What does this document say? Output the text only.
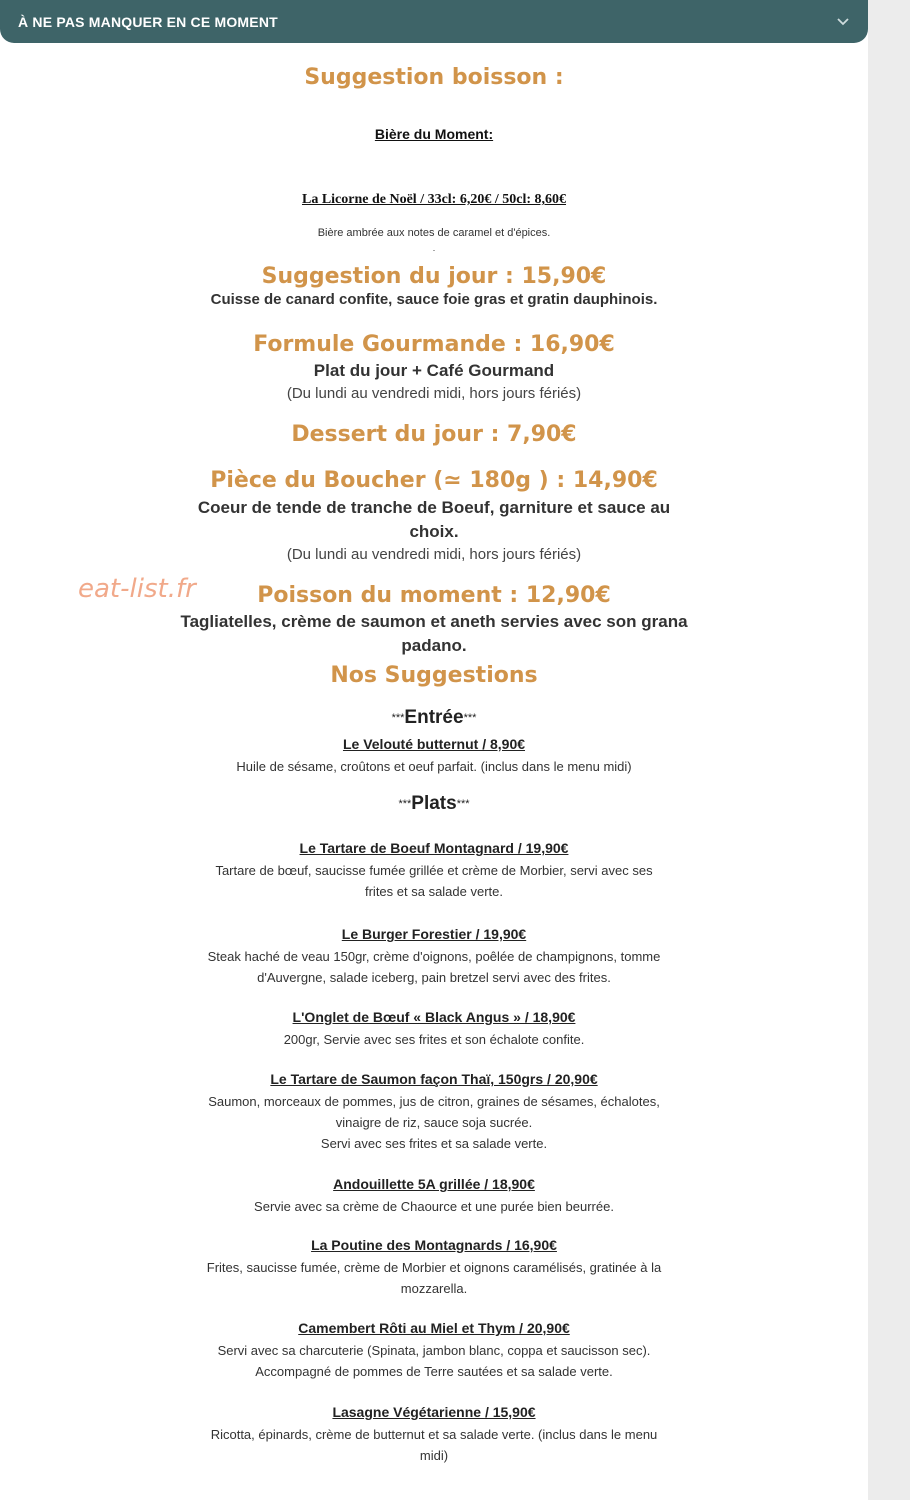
À NE PAS MANQUER EN CE MOMENT
Suggestion boisson :

Bière du Moment:

La Licorne de Noël / 33cl: 6,20€ / 50cl: 8,60€

Bière ambrée aux notes de caramel et d'épices.

.

Suggestion du jour : 15,90€

Cuisse de canard confite, sauce foie gras et gratin dauphinois.

Formule Gourmande : 16,90€

Plat du jour + Café Gourmand

(Du lundi au vendredi midi, hors jours fériés)

Dessert du jour : 7,90€
Pièce du Boucher (≃ 180g ) : 14,90€

Coeur de tende de tranche de Boeuf, garniture et sauce au choix.

(Du lundi au vendredi midi, hors jours fériés)

Poisson du moment : 12,90€

Tagliatelles, crème de saumon et aneth servies avec son grana padano.

Nos Suggestions

***Entrée***

Le Velouté butternut / 8,90€

Huile de sésame, croûtons et oeuf parfait. (inclus dans le menu midi)

***Plats***

Le Tartare de Boeuf Montagnard / 19,90€

Tartare de bœuf, saucisse fumée grillée et crème de Morbier, servi avec ses

frites et sa salade verte.

Le Burger Forestier / 19,90€

Steak haché de veau 150gr, crème d'oignons, poêlée de champignons, tomme

d'Auvergne, salade iceberg, pain bretzel servi avec des frites.

L'Onglet de Bœuf « Black Angus » / 18,90€

200gr, Servie avec ses frites et son échalote confite.

Le Tartare de Saumon façon Thaï, 150grs / 20,90€

Saumon, morceaux de pommes, jus de citron, graines de sésames, échalotes,

vinaigre de riz, sauce soja sucrée.

Servi avec ses frites et sa salade verte.

Andouillette 5A grillée / 18,90€

Servie avec sa crème de Chaource et une purée bien beurrée.

La Poutine des Montagnards / 16,90€

Frites, saucisse fumée, crème de Morbier et oignons caramélisés, gratinée à la

mozzarella.

Camembert Rôti au Miel et Thym / 20,90€

Servi avec sa charcuterie (Spinata, jambon blanc, coppa et saucisson sec).

Accompagné de pommes de Terre sautées et sa salade verte.

Lasagne Végétarienne / 15,90€

Ricotta, épinards, crème de butternut et sa salade verte. (inclus dans le menu

midi)

eat-list.fr
